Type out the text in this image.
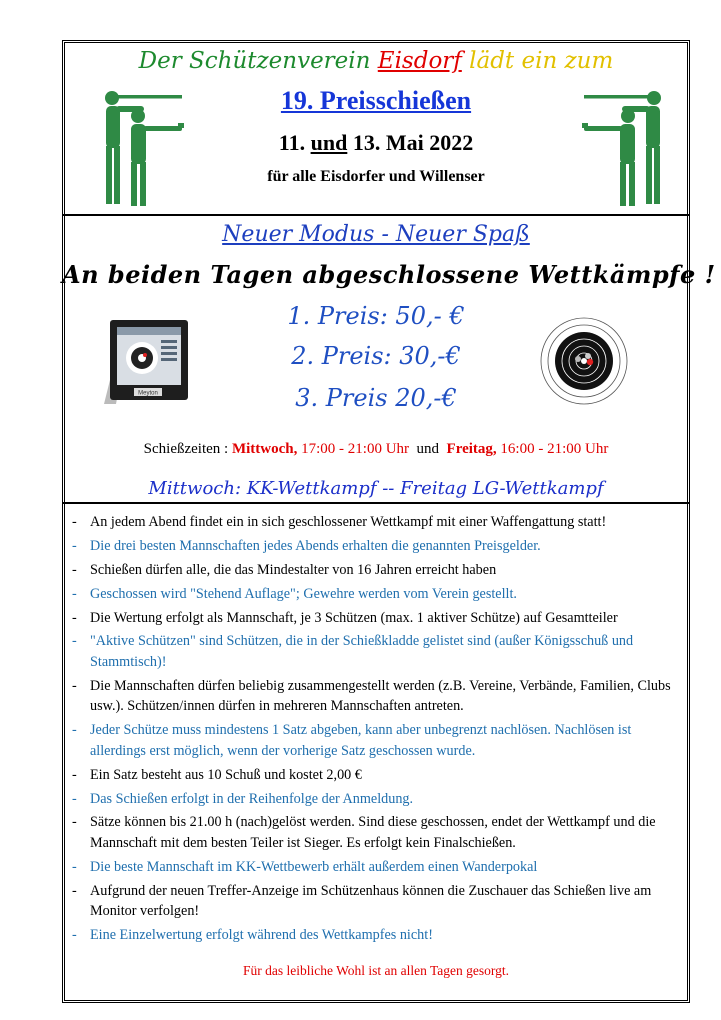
Der Schützenverein Eisdorf lädt ein zum
19. Preisschießen
11. und 13. Mai 2022
für alle Eisdorfer und Willenser
Neuer Modus - Neuer Spaß
An beiden Tagen abgeschlossene Wettkämpfe !
1. Preis: 50,- €
2. Preis: 30,-€
3. Preis 20,-€
Meyton
Schießzeiten : Mittwoch, 17:00 - 21:00 Uhr und Freitag, 16:00 - 21:00 Uhr
Mittwoch: KK-Wettkampf -- Freitag LG-Wettkampf
- An jedem Abend findet ein in sich geschlossener Wettkampf mit einer Waffengattung statt!
- Die drei besten Mannschaften jedes Abends erhalten die genannten Preisgelder.
- Schießen dürfen alle, die das Mindestalter von 16 Jahren erreicht haben
- Geschossen wird "Stehend Auflage"; Gewehre werden vom Verein gestellt.
- Die Wertung erfolgt als Mannschaft, je 3 Schützen (max. 1 aktiver Schütze) auf Gesamtteiler
- "Aktive Schützen" sind Schützen, die in der Schießkladde gelistet sind (außer Königsschuß und Stammtisch)!
- Die Mannschaften dürfen beliebig zusammengestellt werden (z.B. Vereine, Verbände, Familien, Clubs usw.). Schützen/innen dürfen in mehreren Mannschaften antreten.
- Jeder Schütze muss mindestens 1 Satz abgeben, kann aber unbegrenzt nachlösen. Nachlösen ist allerdings erst möglich, wenn der vorherige Satz geschossen wurde.
- Ein Satz besteht aus 10 Schuß und kostet 2,00 €
- Das Schießen erfolgt in der Reihenfolge der Anmeldung.
- Sätze können bis 21.00 h (nach)gelöst werden. Sind diese geschossen, endet der Wettkampf und die Mannschaft mit dem besten Teiler ist Sieger. Es erfolgt kein Finalschießen.
- Die beste Mannschaft im KK-Wettbewerb erhält außerdem einen Wanderpokal
- Aufgrund der neuen Treffer-Anzeige im Schützenhaus können die Zuschauer das Schießen live am Monitor verfolgen!
- Eine Einzelwertung erfolgt während des Wettkampfes nicht!
Für das leibliche Wohl ist an allen Tagen gesorgt.
